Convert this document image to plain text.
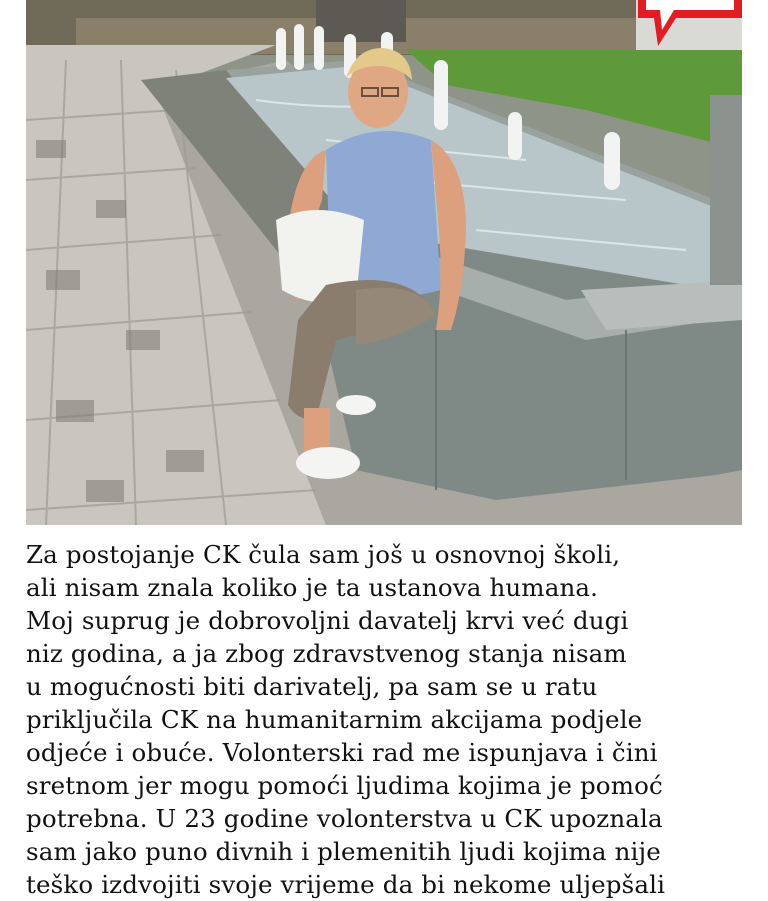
Za postojanje CK čula sam još u osnovnoj školi,
ali nisam znala koliko je ta ustanova humana.
Moj suprug je dobrovoljni davatelj krvi već dugi
niz godina, a ja zbog zdravstvenog stanja nisam
u mogućnosti biti darivatelj, pa sam se u ratu
priključila CK na humanitarnim akcijama podjele
odjeće i obuće. Volonterski rad me ispunjava i čini
sretnom jer mogu pomoći ljudima kojima je pomoć
potrebna. U 23 godine volonterstva u CK upoznala
sam jako puno divnih i plemenitih ljudi kojima nije
teško izdvojiti svoje vrijeme da bi nekome uljepšali
